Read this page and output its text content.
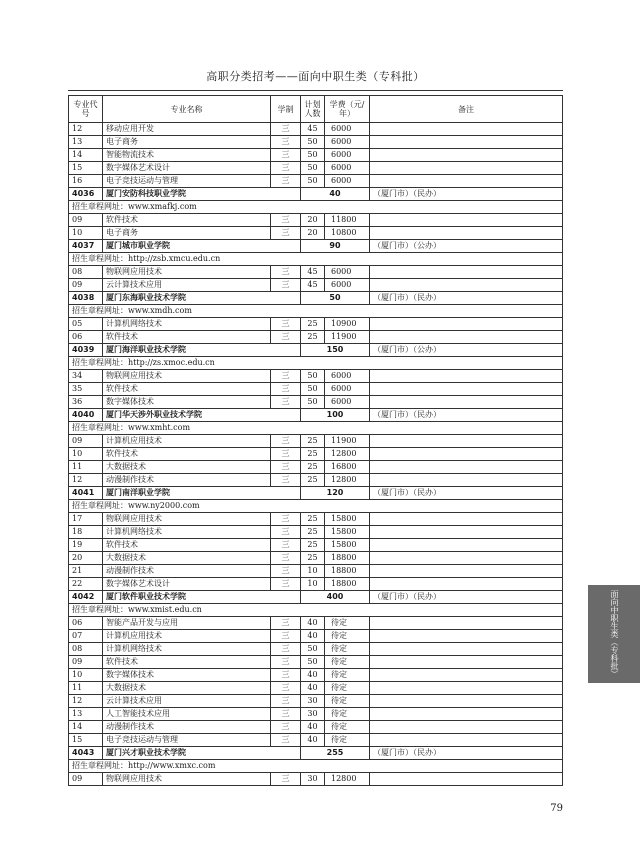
高职分类招考——面向中职生类（专科批）
专业代号	专业名称	学制	计划人数	学费（元/年）	备注
12	移动应用开发	三	45	6000	
13	电子商务	三	50	6000	
14	智能物流技术	三	50	6000	
15	数字媒体艺术设计	三	50	6000	
16	电子竞技运动与管理	三	50	6000	
4036	厦门安防科技职业学院		40		（厦门市）（民办）
招生章程网址：www.xmafkj.com					
09	软件技术	三	20	11800	
10	电子商务	三	20	10800	
4037	厦门城市职业学院		90		（厦门市）（公办）
招生章程网址：http://zsb.xmcu.edu.cn					
08	物联网应用技术	三	45	6000	
09	云计算技术应用	三	45	6000	
4038	厦门东海职业技术学院		50		（厦门市）（民办）
招生章程网址：www.xmdh.com					
05	计算机网络技术	三	25	10900	
06	软件技术	三	25	11900	
4039	厦门海洋职业技术学院		150		（厦门市）（公办）
招生章程网址：http://zs.xmoc.edu.cn					
34	物联网应用技术	三	50	6000	
35	软件技术	三	50	6000	
36	数字媒体技术	三	50	6000	
4040	厦门华天涉外职业技术学院		100		（厦门市）（民办）
招生章程网址：www.xmht.com					
09	计算机应用技术	三	25	11900	
10	软件技术	三	25	12800	
11	大数据技术	三	25	16800	
12	动漫制作技术	三	25	12800	
4041	厦门南洋职业学院		120		（厦门市）（民办）
招生章程网址：www.ny2000.com					
17	物联网应用技术	三	25	15800	
18	计算机网络技术	三	25	15800	
19	软件技术	三	25	15800	
20	大数据技术	三	25	18800	
21	动漫制作技术	三	10	18800	
22	数字媒体艺术设计	三	10	18800	
4042	厦门软件职业技术学院		400		（厦门市）（民办）
招生章程网址：www.xmist.edu.cn					
06	智能产品开发与应用	三	40	待定	
07	计算机应用技术	三	40	待定	
08	计算机网络技术	三	50	待定	
09	软件技术	三	50	待定	
10	数字媒体技术	三	40	待定	
11	大数据技术	三	40	待定	
12	云计算技术应用	三	30	待定	
13	人工智能技术应用	三	30	待定	
14	动漫制作技术	三	40	待定	
15	电子竞技运动与管理	三	40	待定	
4043	厦门兴才职业技术学院		255		（厦门市）（民办）
招生章程网址：http://www.xmxc.com					
09	物联网应用技术	三	30	12800	
面向中职生类（专科批）
79
